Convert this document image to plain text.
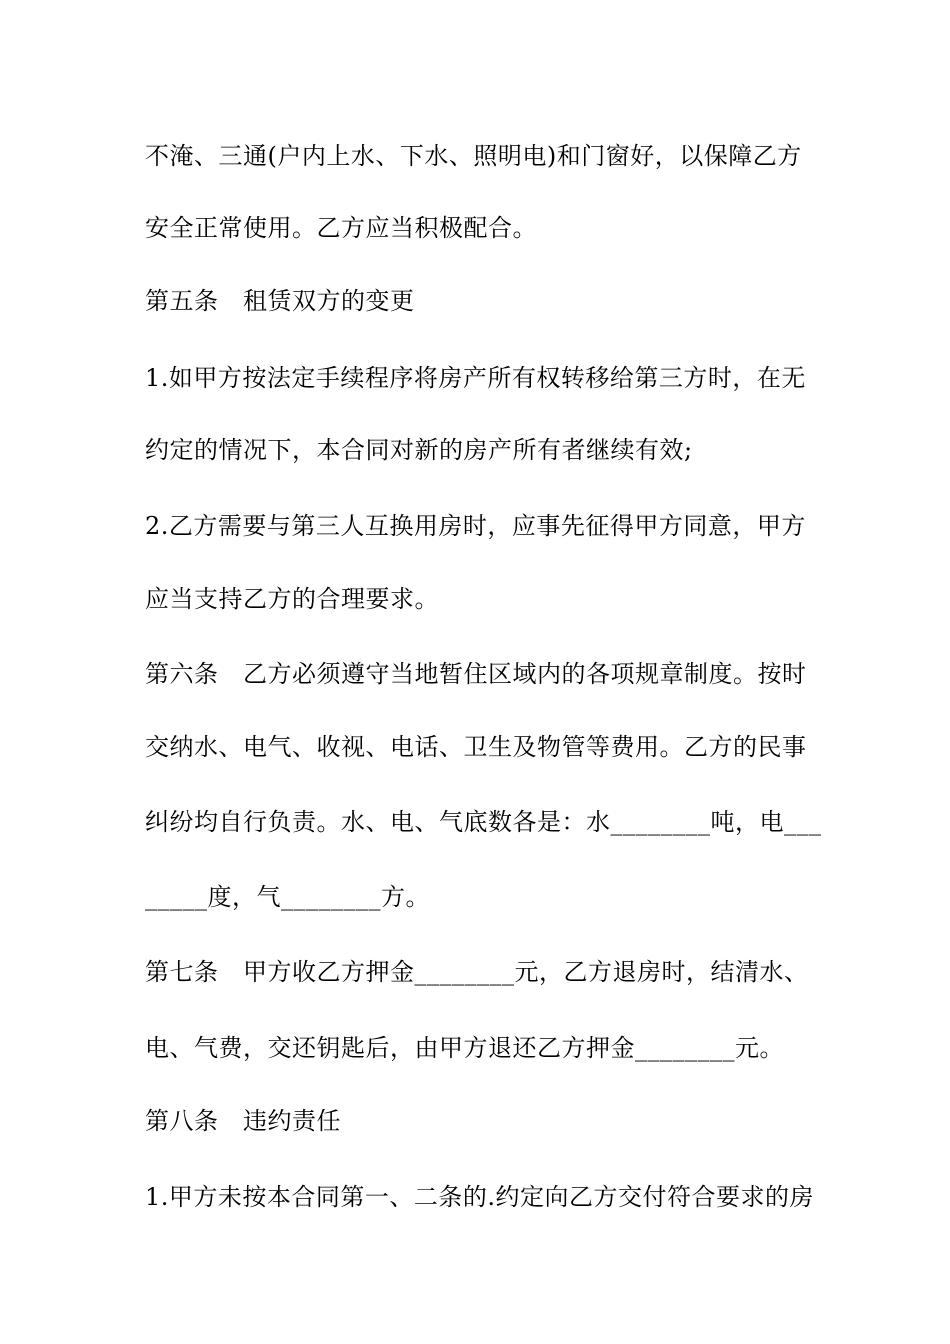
不淹、三通(户内上水、下水、照明电)和门窗好，以保障乙方
安全正常使用。乙方应当积极配合。
第五条　租赁双方的变更
1.如甲方按法定手续程序将房产所有权转移给第三方时，在无
约定的情况下，本合同对新的房产所有者继续有效;
2.乙方需要与第三人互换用房时，应事先征得甲方同意，甲方
应当支持乙方的合理要求。
第六条　乙方必须遵守当地暂住区域内的各项规章制度。按时
交纳水、电气、收视、电话、卫生及物管等费用。乙方的民事
纠纷均自行负责。水、电、气底数各是：水________吨，电___
_____度，气________方。
第七条　甲方收乙方押金________元，乙方退房时，结清水、
电、气费，交还钥匙后，由甲方退还乙方押金________元。
第八条　违约责任
1.甲方未按本合同第一、二条的.约定向乙方交付符合要求的房
